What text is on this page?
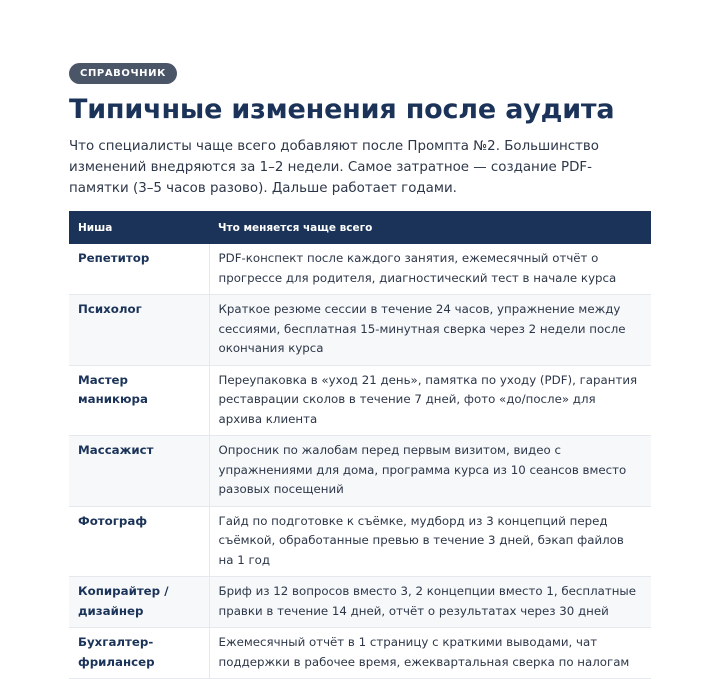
СПРАВОЧНИК
Типичные изменения после аудита

Что специалисты чаще всего добавляют после Промпта №2. Большинство изменений внедряются за 1–2 недели. Самое затратное — создание PDF-памятки (3–5 часов разово). Дальше работает годами.

Ниша	Что меняется чаще всего
Репетитор	PDF-конспект после каждого занятия, ежемесячный отчёт о прогрессе для родителя, диагностический тест в начале курса
Психолог	Краткое резюме сессии в течение 24 часов, упражнение между сессиями, бесплатная 15-минутная сверка через 2 недели после окончания курса
Мастер маникюра	Переупаковка в «уход 21 день», памятка по уходу (PDF), гарантия реставрации сколов в течение 7 дней, фото «до/после» для архива клиента
Массажист	Опросник по жалобам перед первым визитом, видео с упражнениями для дома, программа курса из 10 сеансов вместо разовых посещений
Фотограф	Гайд по подготовке к съёмке, мудборд из 3 концепций перед съёмкой, обработанные превью в течение 3 дней, бэкап файлов на 1 год
Копирайтер / дизайнер	Бриф из 12 вопросов вместо 3, 2 концепции вместо 1, бесплатные правки в течение 14 дней, отчёт о результатах через 30 дней
Бухгалтер-фрилансер	Ежемесячный отчёт в 1 страницу с краткими выводами, чат поддержки в рабочее время, ежеквартальная сверка по налогам
